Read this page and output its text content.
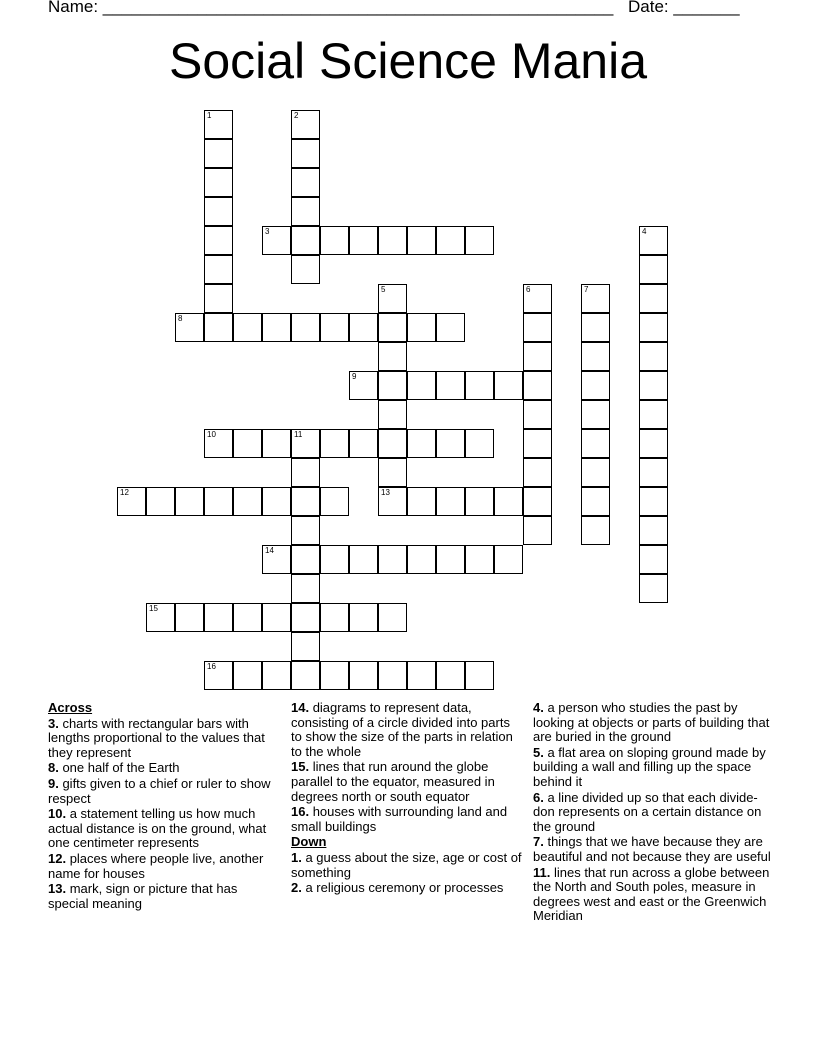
Name: ______________________________________________________ Date: _______
Social Science Mania
1	2
3	4
5
13
6	7
8
9
10	11
12
14
15
16
Across

3. charts with rectangular bars with lengths proportional to the values that they represent

8. one half of the Earth

9. gifts given to a chief or ruler to show respect

10. a statement telling us how much actual distance is on the ground, what one centimeter represents

12. places where people live, another name for houses

13. mark, sign or picture that has special meaning

14. diagrams to represent data, consisting of a circle divided into parts to show the size of the parts in relation to the whole

15. lines that run around the globe parallel to the equator, measured in degrees north or south equator

16. houses with surrounding land and small buildings

Down

1. a guess about the size, age or cost of something

2. a religious ceremony or processes

4. a person who studies the past by looking at objects or parts of building that are buried in the ground

5. a flat area on sloping ground made by building a wall and filling up the space behind it

6. a line divided up so that each divide-don represents on a certain distance on the ground

7. things that we have because they are beautiful and not because they are useful

11. lines that run across a globe between the North and South poles, measure in degrees west and east or the Greenwich Meridian
